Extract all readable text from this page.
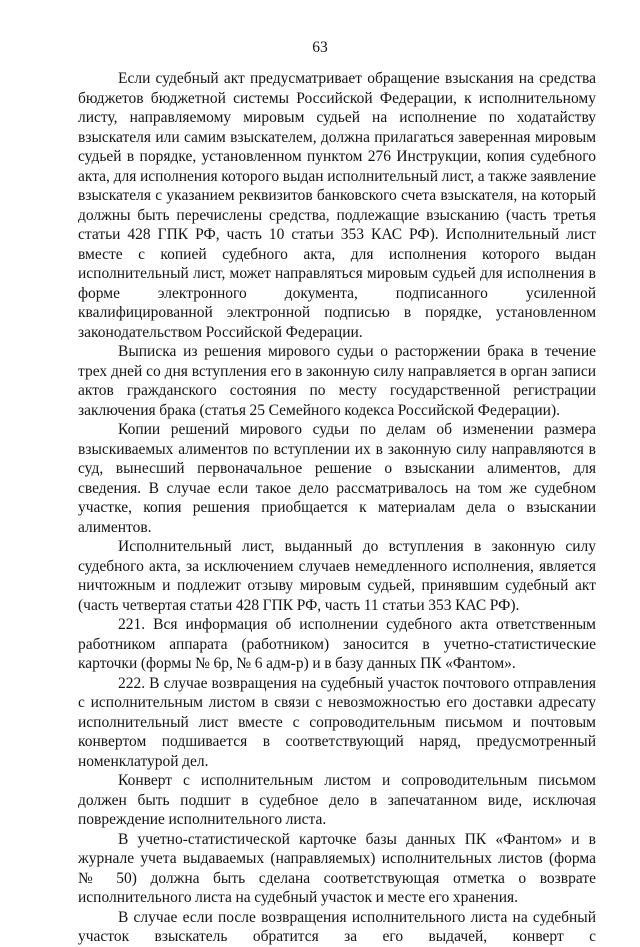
63

Если судебный акт предусматривает обращение взыскания на средства бюджетов бюджетной системы Российской Федерации, к исполнительному листу, направляемому мировым судьей на исполнение по ходатайству взыскателя или самим взыскателем, должна прилагаться заверенная мировым судьей в порядке, установленном пунктом 276 Инструкции, копия судебного акта, для исполнения которого выдан исполнительный лист, а также заявление взыскателя с указанием реквизитов банковского счета взыскателя, на который должны быть перечислены средства, подлежащие взысканию (часть третья статьи 428 ГПК РФ, часть 10 статьи 353 КАС РФ). Исполнительный лист вместе с копией судебного акта, для исполнения которого выдан исполнительный лист, может направляться мировым судьей для исполнения в форме электронного документа, подписанного усиленной квалифицированной электронной подписью в порядке, установленном законодательством Российской Федерации.

Выписка из решения мирового судьи о расторжении брака в течение трех дней со дня вступления его в законную силу направляется в орган записи актов гражданского состояния по месту государственной регистрации заключения брака (статья 25 Семейного кодекса Российской Федерации).

Копии решений мирового судьи по делам об изменении размера взыскиваемых алиментов по вступлении их в законную силу направляются в суд, вынесший первоначальное решение о взыскании алиментов, для сведения. В случае если такое дело рассматривалось на том же судебном участке, копия решения приобщается к материалам дела о взыскании алиментов.

Исполнительный лист, выданный до вступления в законную силу судебного акта, за исключением случаев немедленного исполнения, является ничтожным и подлежит отзыву мировым судьей, принявшим судебный акт (часть четвертая статьи 428 ГПК РФ, часть 11 статьи 353 КАС РФ).

221. Вся информация об исполнении судебного акта ответственным работником аппарата (работником) заносится в учетно-статистические карточки (формы № 6р, № 6 адм-р) и в базу данных ПК «Фантом».

222. В случае возвращения на судебный участок почтового отправления с исполнительным листом в связи с невозможностью его доставки адресату исполнительный лист вместе с сопроводительным письмом и почтовым конвертом подшивается в соответствующий наряд, предусмотренный номенклатурой дел.

Конверт с исполнительным листом и сопроводительным письмом должен быть подшит в судебное дело в запечатанном виде, исключая повреждение исполнительного листа.

В учетно-статистической карточке базы данных ПК «Фантом» и в журнале учета выдаваемых (направляемых) исполнительных листов (форма № 50) должна быть сделана соответствующая отметка о возврате исполнительного листа на судебный участок и месте его хранения.

В случае если после возвращения исполнительного листа на судебный участок взыскатель обратится за его выдачей, конверт с
